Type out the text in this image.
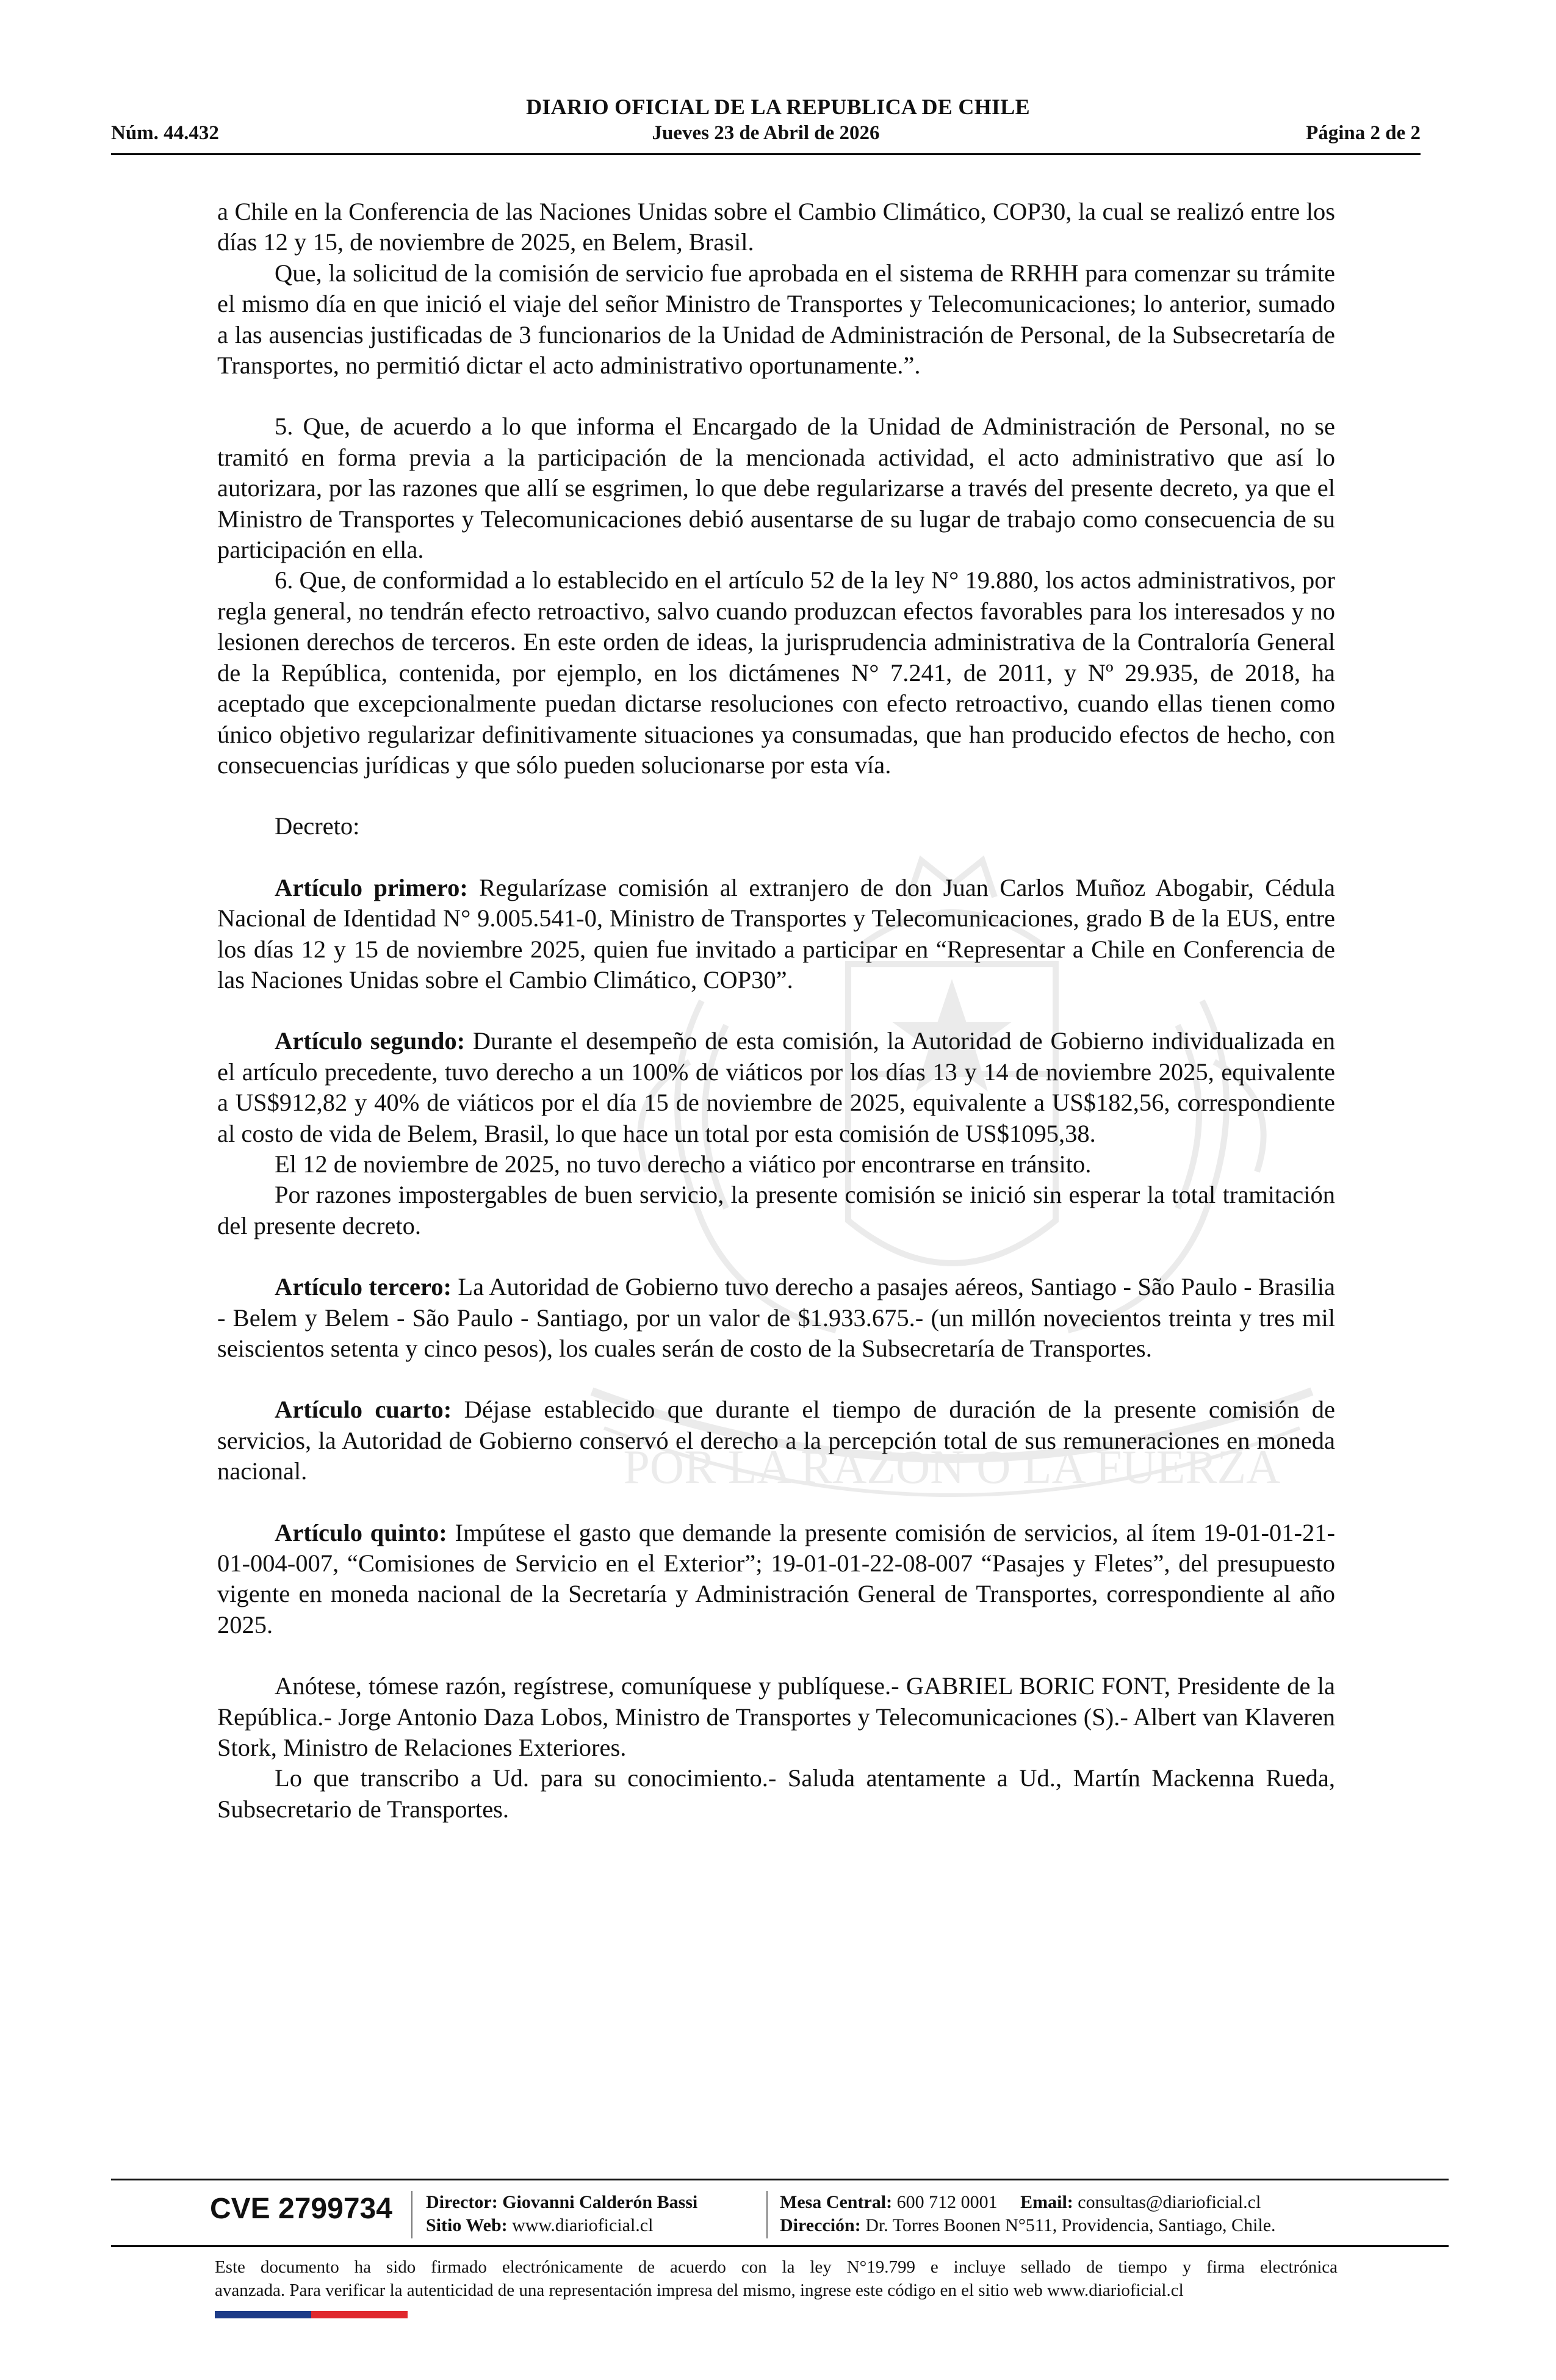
POR LA RAZON O LA FUERZA
DIARIO OFICIAL DE LA REPUBLICA DE CHILE
Jueves 23 de Abril de 2026
Núm. 44.432	Página 2 de 2

a Chile en la Conferencia de las Naciones Unidas sobre el Cambio Climático, COP30, la cual se realizó entre los días 12 y 15, de noviembre de 2025, en Belem, Brasil.

Que, la solicitud de la comisión de servicio fue aprobada en el sistema de RRHH para comenzar su trámite el mismo día en que inició el viaje del señor Ministro de Transportes y Telecomunicaciones; lo anterior, sumado a las ausencias justificadas de 3 funcionarios de la Unidad de Administración de Personal, de la Subsecretaría de Transportes, no permitió dictar el acto administrativo oportunamente.”.

5. Que, de acuerdo a lo que informa el Encargado de la Unidad de Administración de Personal, no se tramitó en forma previa a la participación de la mencionada actividad, el acto administrativo que así lo autorizara, por las razones que allí se esgrimen, lo que debe regularizarse a través del presente decreto, ya que el Ministro de Transportes y Telecomunicaciones debió ausentarse de su lugar de trabajo como consecuencia de su participación en ella.

6. Que, de conformidad a lo establecido en el artículo 52 de la ley N° 19.880, los actos administrativos, por regla general, no tendrán efecto retroactivo, salvo cuando produzcan efectos favorables para los interesados y no lesionen derechos de terceros. En este orden de ideas, la jurisprudencia administrativa de la Contraloría General de la República, contenida, por ejemplo, en los dictámenes N° 7.241, de 2011, y Nº 29.935, de 2018, ha aceptado que excepcionalmente puedan dictarse resoluciones con efecto retroactivo, cuando ellas tienen como único objetivo regularizar definitivamente situaciones ya consumadas, que han producido efectos de hecho, con consecuencias jurídicas y que sólo pueden solucionarse por esta vía.

Decreto:

Artículo primero: Regularízase comisión al extranjero de don Juan Carlos Muñoz Abogabir, Cédula Nacional de Identidad N° 9.005.541-0, Ministro de Transportes y Telecomunicaciones, grado B de la EUS, entre los días 12 y 15 de noviembre 2025, quien fue invitado a participar en “Representar a Chile en Conferencia de las Naciones Unidas sobre el Cambio Climático, COP30”.

Artículo segundo: Durante el desempeño de esta comisión, la Autoridad de Gobierno individualizada en el artículo precedente, tuvo derecho a un 100% de viáticos por los días 13 y 14 de noviembre 2025, equivalente a US$912,82 y 40% de viáticos por el día 15 de noviembre de 2025, equivalente a US$182,56, correspondiente al costo de vida de Belem, Brasil, lo que hace un total por esta comisión de US$1095,38.

El 12 de noviembre de 2025, no tuvo derecho a viático por encontrarse en tránsito.

Por razones impostergables de buen servicio, la presente comisión se inició sin esperar la total tramitación del presente decreto.

Artículo tercero: La Autoridad de Gobierno tuvo derecho a pasajes aéreos, Santiago - São Paulo - Brasilia - Belem y Belem - São Paulo - Santiago, por un valor de $1.933.675.- (un millón novecientos treinta y tres mil seiscientos setenta y cinco pesos), los cuales serán de costo de la Subsecretaría de Transportes.

Artículo cuarto: Déjase establecido que durante el tiempo de duración de la presente comisión de servicios, la Autoridad de Gobierno conservó el derecho a la percepción total de sus remuneraciones en moneda nacional.

Artículo quinto: Impútese el gasto que demande la presente comisión de servicios, al ítem 19-01-01-21-01-004-007, “Comisiones de Servicio en el Exterior”; 19-01-01-22-08-007 “Pasajes y Fletes”, del presupuesto vigente en moneda nacional de la Secretaría y Administración General de Transportes, correspondiente al año 2025.

Anótese, tómese razón, regístrese, comuníquese y publíquese.- GABRIEL BORIC FONT, Presidente de la República.- Jorge Antonio Daza Lobos, Ministro de Transportes y Telecomunicaciones (S).- Albert van Klaveren Stork, Ministro de Relaciones Exteriores.

Lo que transcribo a Ud. para su conocimiento.- Saluda atentamente a Ud., Martín Mackenna Rueda, Subsecretario de Transportes.

CVE 2799734 Director: Giovanni Calderón Bassi
Sitio Web: www.diarioficial.cl
Mesa Central: 600 712 0001 Email: consultas@diarioficial.cl
Dirección: Dr. Torres Boonen N°511, Providencia, Santiago, Chile.
Este documento ha sido firmado electrónicamente de acuerdo con la ley N°19.799 e incluye sellado de tiempo y firma electrónica
avanzada. Para verificar la autenticidad de una representación impresa del mismo, ingrese este código en el sitio web www.diarioficial.cl
